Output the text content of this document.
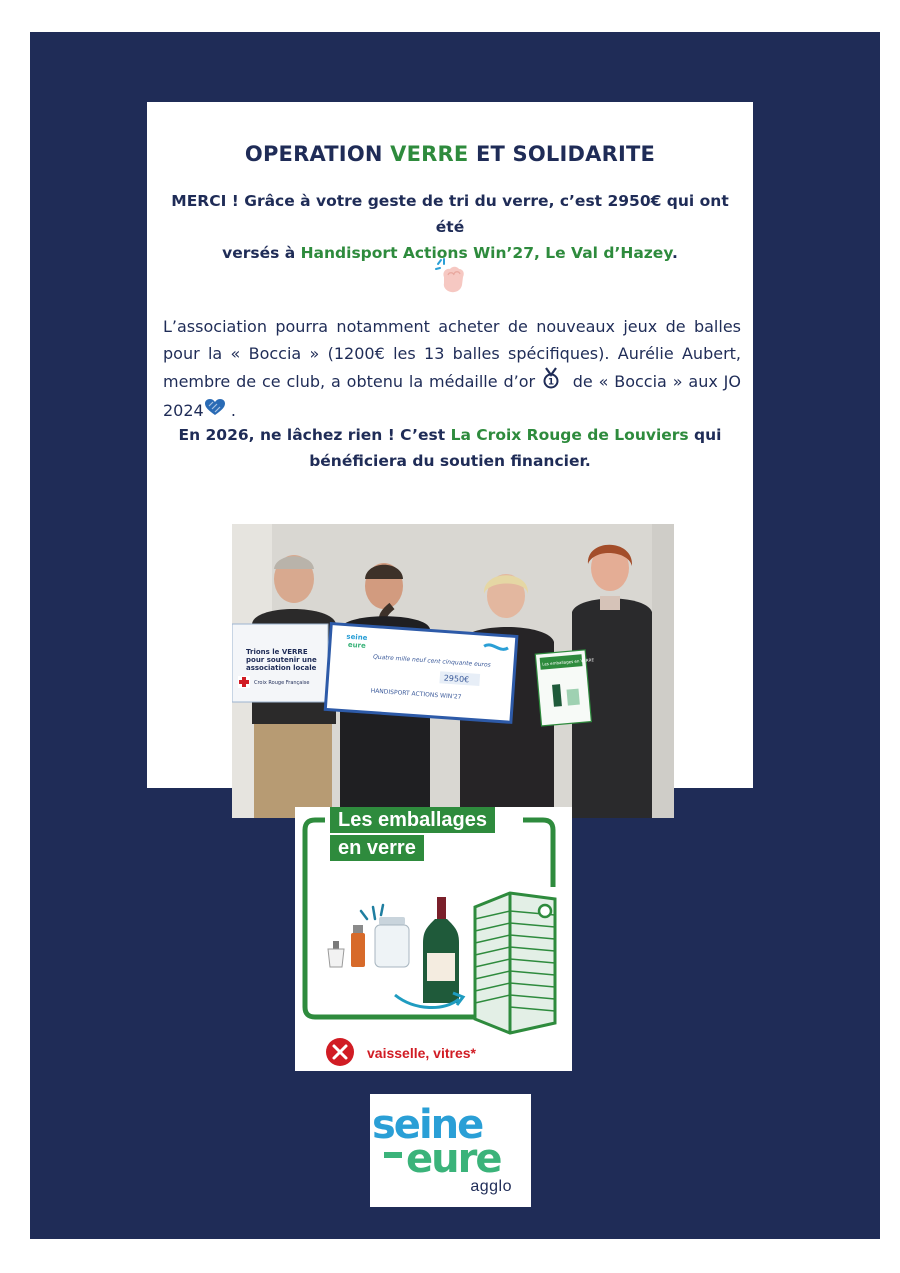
OPERATION VERRE ET SOLIDARITE
MERCI ! Grâce à votre geste de tri du verre, c’est 2950€ qui ont été
versés à Handisport Actions Win’27, Le Val d’Hazey.
L’association pourra notamment acheter de nouveaux jeux de balles pour la « Boccia » (1200€ les 13 balles spécifiques). Aurélie Aubert, membre de ce club, a obtenu la médaille d’or 1 de « Boccia » aux JO 2024 .
En 2026, ne lâchez rien ! C’est La Croix Rouge de Louviers qui bénéficiera du soutien financier.
Trions le VERRE
pour soutenir une
association locale
Croix Rouge Française
seine
eure
Quatre mille neuf cent cinquante euros
2950€
HANDISPORT ACTIONS WIN'27
Les emballages en VERRE
Les emballages
en verre
vaisselle, vitres*
seine
eure
agglo
